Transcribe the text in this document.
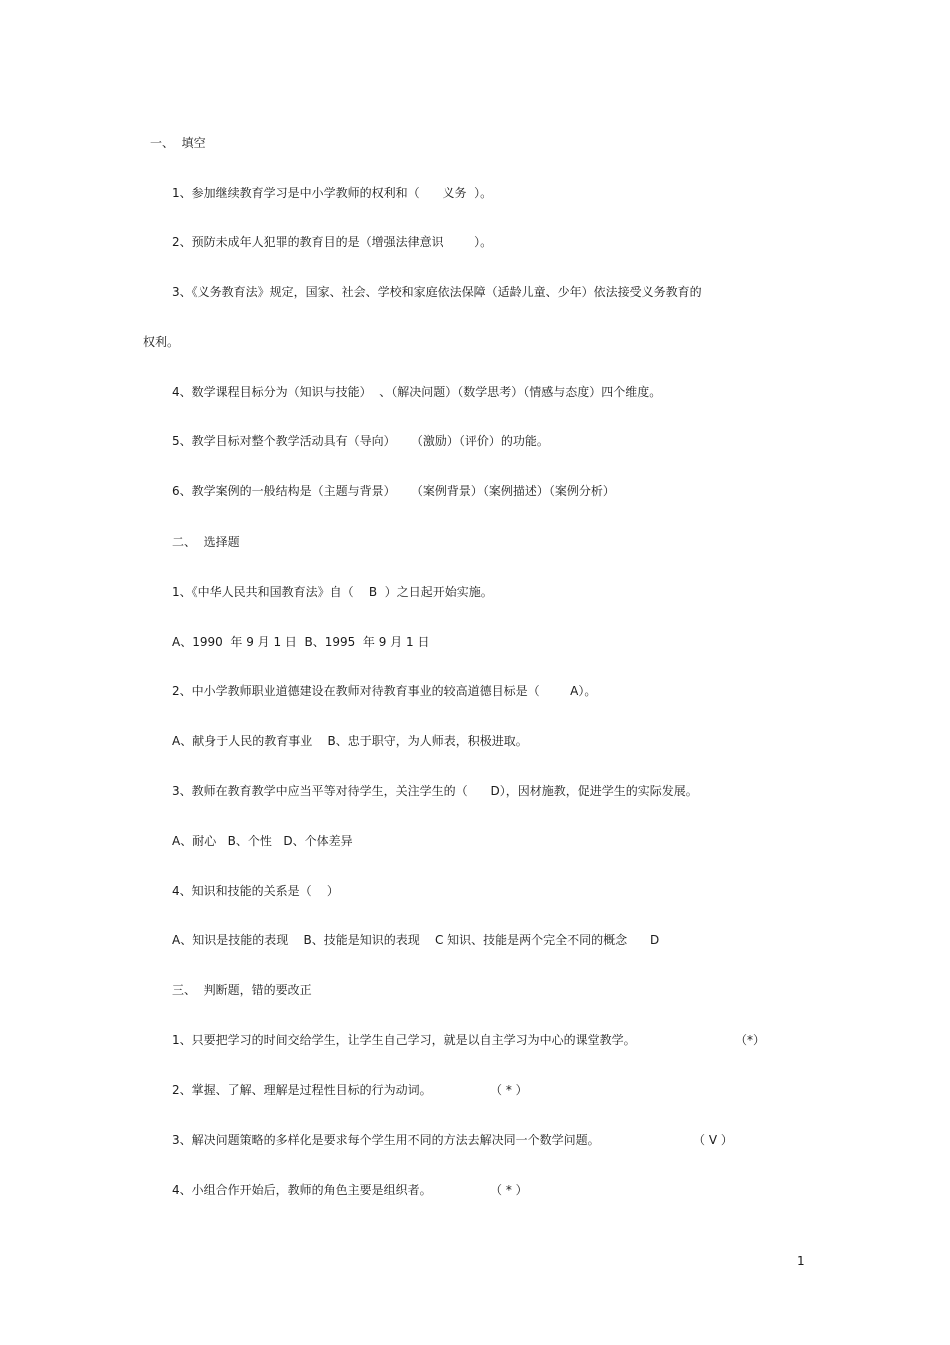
一、  填空

1、参加继续教育学习是中小学教师的权利和（      义务  ）。

2、预防未成年人犯罪的教育目的是（增强法律意识        ）。

3、《义务教育法》规定，国家、社会、学校和家庭依法保障（适龄儿童、少年）依法接受义务教育的

权利。

4、数学课程目标分为（知识与技能）  、（解决问题）（数学思考）（情感与态度）四个维度。

5、教学目标对整个教学活动具有（导向）    （激励）（评价）的功能。

6、教学案例的一般结构是（主题与背景）    （案例背景）（案例描述）（案例分析）

二、  选择题

1、《中华人民共和国教育法》自（    B  ）之日起开始实施。

A、1990  年 9 月 1 日  B、1995  年 9 月 1 日

2、中小学教师职业道德建设在教师对待教育事业的较高道德目标是（        A）。

A、献身于人民的教育事业    B、忠于职守，为人师表，积极进取。

3、教师在教育教学中应当平等对待学生，关注学生的（      D），因材施教，促进学生的实际发展。

A、耐心   B、个性   D、个体差异

4、知识和技能的关系是（    ）

A、知识是技能的表现    B、技能是知识的表现    C 知识、技能是两个完全不同的概念      D

三、  判断题，错的要改正

1、只要把学习的时间交给学生，让学生自己学习，就是以自主学习为中心的课堂教学。	（*）

2、掌握、了解、理解是过程性目标的行为动词。	（ * ）

3、解决问题策略的多样化是要求每个学生用不同的方法去解决同一个数学问题。	（ V ）

4、小组合作开始后，教师的角色主要是组织者。	（ * ）

1
